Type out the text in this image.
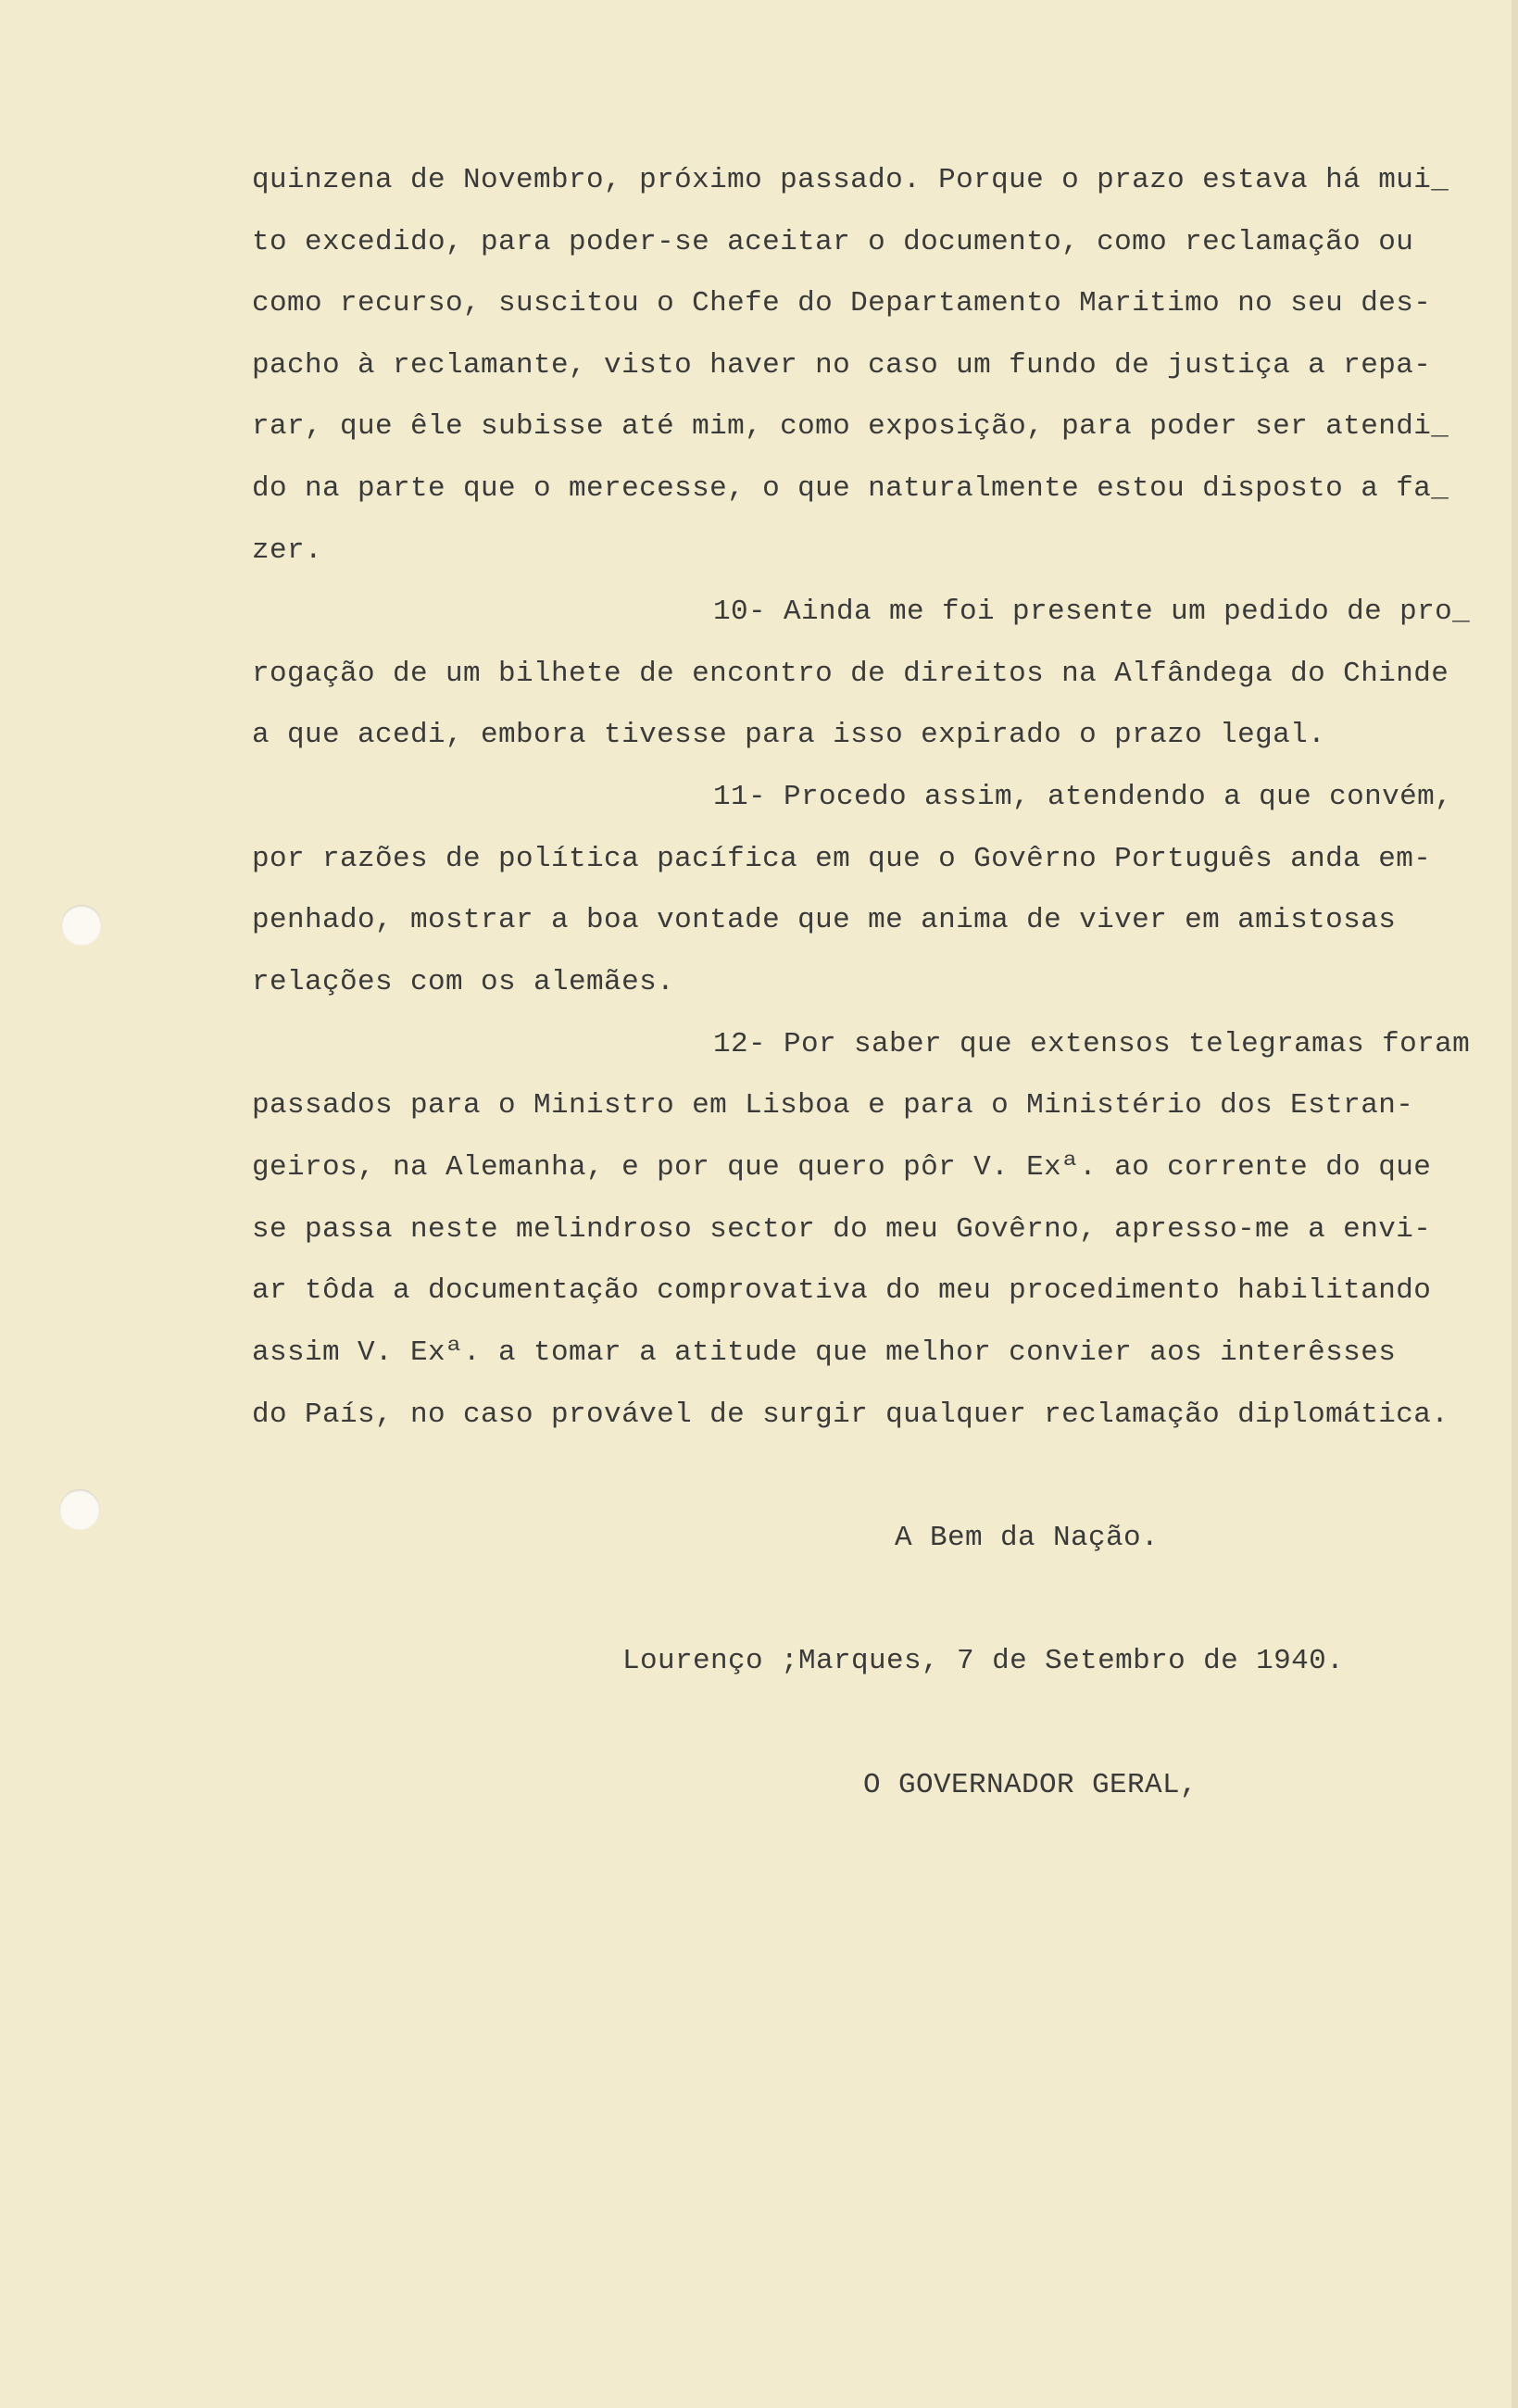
quinzena de Novembro, próximo passado. Porque o prazo estava há mui_
to excedido, para poder-se aceitar o documento, como reclamação ou
como recurso, suscitou o Chefe do Departamento Maritimo no seu des-
pacho à reclamante, visto haver no caso um fundo de justiça a repa-
rar, que êle subisse até mim, como exposição, para poder ser atendi_
do na parte que o merecesse, o que naturalmente estou disposto a fa_
zer.
10- Ainda me foi presente um pedido de pro_
rogação de um bilhete de encontro de direitos na Alfândega do Chinde
a que acedi, embora tivesse para isso expirado o prazo legal.
11- Procedo assim, atendendo a que convém,
por razões de política pacífica em que o Govêrno Português anda em-
penhado, mostrar a boa vontade que me anima de viver em amistosas
relações com os alemães.
12- Por saber que extensos telegramas foram
passados para o Ministro em Lisboa e para o Ministério dos Estran-
geiros, na Alemanha, e por que quero pôr V. Exª. ao corrente do que
se passa neste melindroso sector do meu Govêrno, apresso-me a envi-
ar tôda a documentação comprovativa do meu procedimento habilitando
assim V. Exª. a tomar a atitude que melhor convier aos interêsses
do País, no caso provável de surgir qualquer reclamação diplomática.
A Bem da Nação.
Lourenço ;Marques, 7 de Setembro de 1940.
O GOVERNADOR GERAL,
